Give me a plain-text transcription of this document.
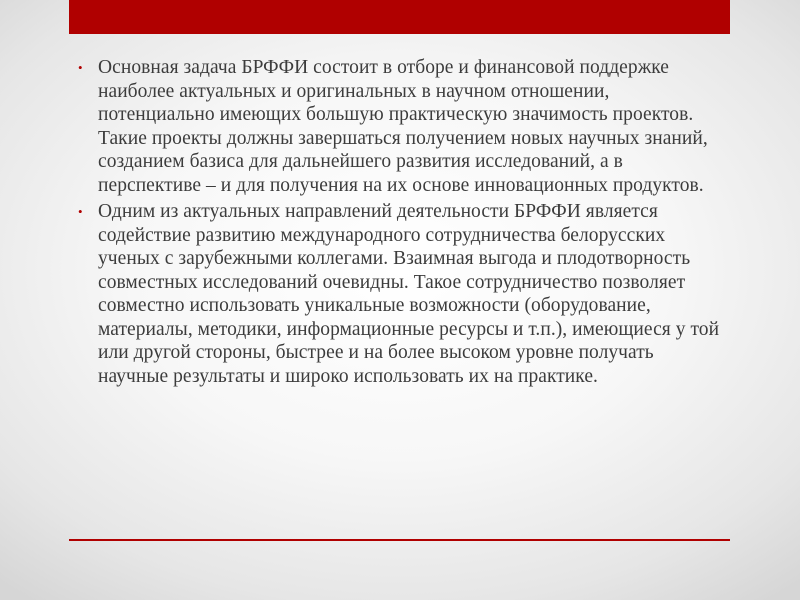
• Основная задача БРФФИ состоит в отборе и финансовой поддержке наиболее актуальных и оригинальных в научном отношении, потенциально имеющих большую практическую значимость проектов. Такие проекты должны завершаться получением новых научных знаний, созданием базиса для дальнейшего развития исследований, а в перспективе – и для получения на их основе инновационных продуктов.
• Одним из актуальных направлений деятельности БРФФИ является содействие развитию международного сотрудничества белорусских ученых с зарубежными коллегами. Взаимная выгода и плодотворность совместных исследований очевидны. Такое сотрудничество позволяет совместно использовать уникальные возможности (оборудование, материалы, методики, информационные ресурсы и т.п.), имеющиеся у той или другой стороны, быстрее и на более высоком уровне получать научные результаты и широко использовать их на практике.
